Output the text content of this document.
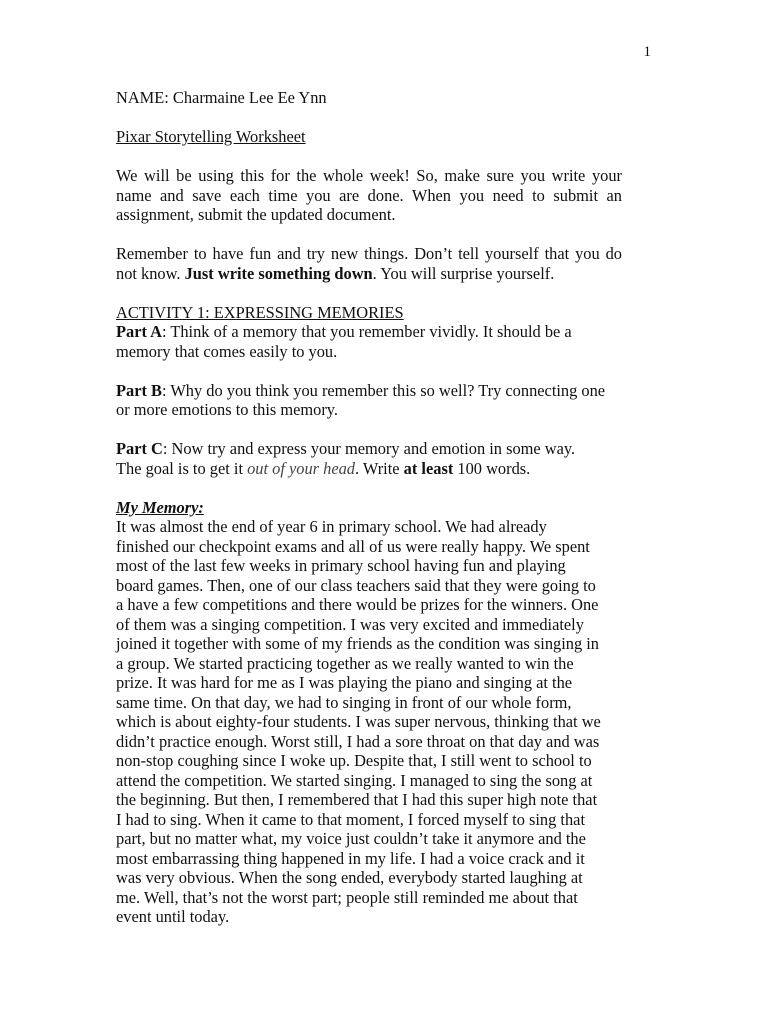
1

NAME: Charmaine Lee Ee Ynn

Pixar Storytelling Worksheet

We will be using this for the whole week! So, make sure you write your name and save each time you are done. When you need to submit an assignment, submit the updated document.

Remember to have fun and try new things. Don’t tell yourself that you do not know. Just write something down. You will surprise yourself.

ACTIVITY 1: EXPRESSING MEMORIES

Part A: Think of a memory that you remember vividly. It should be a memory that comes easily to you.

Part B: Why do you think you remember this so well? Try connecting one or more emotions to this memory.

Part C: Now try and express your memory and emotion in some way.
The goal is to get it out of your head. Write at least 100 words.

My Memory:

It was almost the end of year 6 in primary school. We had already
finished our checkpoint exams and all of us were really happy. We spent
most of the last few weeks in primary school having fun and playing
board games. Then, one of our class teachers said that they were going to
a have a few competitions and there would be prizes for the winners. One
of them was a singing competition. I was very excited and immediately
joined it together with some of my friends as the condition was singing in
a group. We started practicing together as we really wanted to win the
prize. It was hard for me as I was playing the piano and singing at the
same time. On that day, we had to singing in front of our whole form,
which is about eighty-four students. I was super nervous, thinking that we
didn’t practice enough. Worst still, I had a sore throat on that day and was
non-stop coughing since I woke up. Despite that, I still went to school to
attend the competition. We started singing. I managed to sing the song at
the beginning. But then, I remembered that I had this super high note that
I had to sing. When it came to that moment, I forced myself to sing that
part, but no matter what, my voice just couldn’t take it anymore and the
most embarrassing thing happened in my life. I had a voice crack and it
was very obvious. When the song ended, everybody started laughing at
me. Well, that’s not the worst part; people still reminded me about that
event until today.
